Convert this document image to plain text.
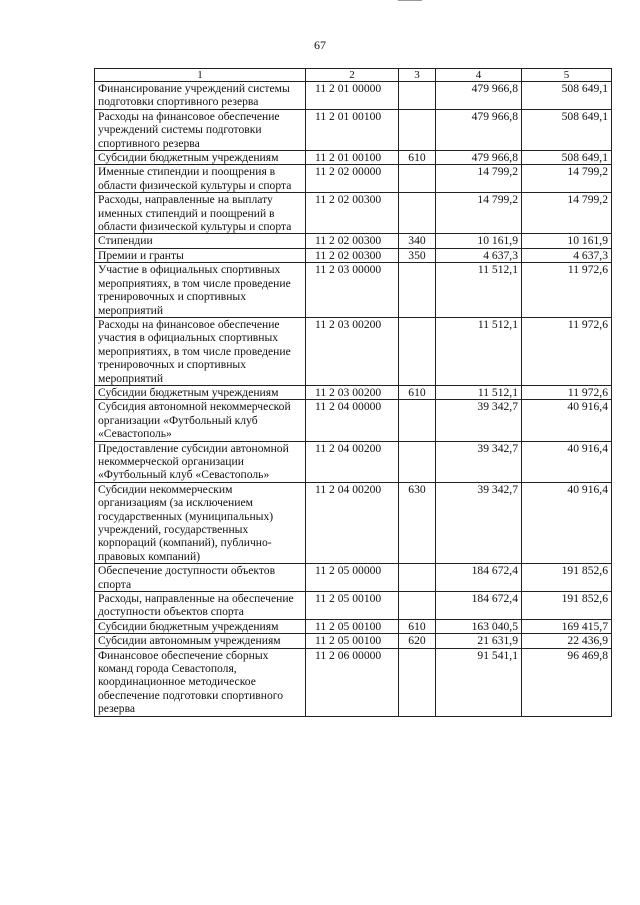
67
1	2	3	4	5
Финансирование учреждений системы подготовки спортивного резерва	11 2 01 00000		479 966,8	508 649,1
Расходы на финансовое обеспечение учреждений системы подготовки спортивного резерва	11 2 01 00100		479 966,8	508 649,1
Субсидии бюджетным учреждениям	11 2 01 00100	610	479 966,8	508 649,1
Именные стипендии и поощрения в области физической культуры и спорта	11 2 02 00000		14 799,2	14 799,2
Расходы, направленные на выплату именных стипендий и поощрений в области физической культуры и спорта	11 2 02 00300		14 799,2	14 799,2
Стипендии	11 2 02 00300	340	10 161,9	10 161,9
Премии и гранты	11 2 02 00300	350	4 637,3	4 637,3
Участие в официальных спортивных мероприятиях, в том числе проведение тренировочных и спортивных мероприятий	11 2 03 00000		11 512,1	11 972,6
Расходы на финансовое обеспечение участия в официальных спортивных мероприятиях, в том числе проведение тренировочных и спортивных мероприятий	11 2 03 00200		11 512,1	11 972,6
Субсидии бюджетным учреждениям	11 2 03 00200	610	11 512,1	11 972,6
Субсидия автономной некоммерческой организации «Футбольный клуб «Севастополь»	11 2 04 00000		39 342,7	40 916,4
Предоставление субсидии автономной некоммерческой организации «Футбольный клуб «Севастополь»	11 2 04 00200		39 342,7	40 916,4
Субсидии некоммерческим организациям (за исключением государственных (муниципальных) учреждений, государственных корпораций (компаний), публично-правовых компаний)	11 2 04 00200	630	39 342,7	40 916,4
Обеспечение доступности объектов спорта	11 2 05 00000		184 672,4	191 852,6
Расходы, направленные на обеспечение доступности объектов спорта	11 2 05 00100		184 672,4	191 852,6
Субсидии бюджетным учреждениям	11 2 05 00100	610	163 040,5	169 415,7
Субсидии автономным учреждениям	11 2 05 00100	620	21 631,9	22 436,9
Финансовое обеспечение сборных команд города Севастополя, координационное методическое обеспечение подготовки спортивного резерва	11 2 06 00000		91 541,1	96 469,8
